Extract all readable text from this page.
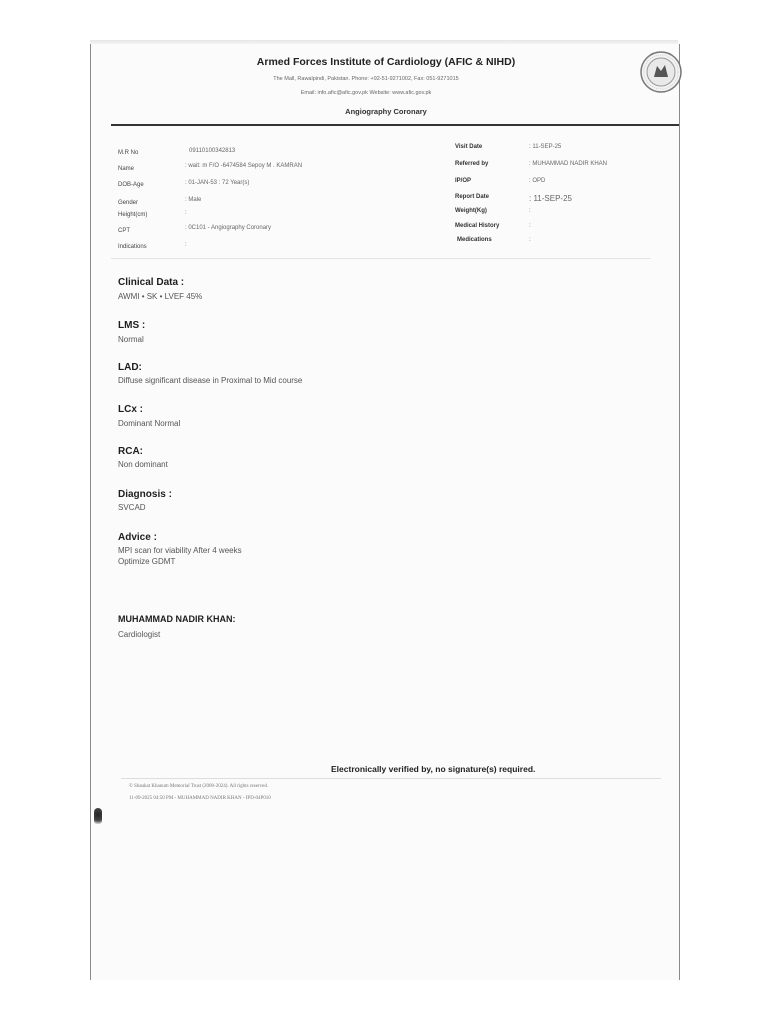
Armed Forces Institute of Cardiology (AFIC & NIHD)
The Mall, Rawalpindi, Pakistan. Phone: +92-51-9271002, Fax: 051-9271015
Email: info.afic@afic.gov.pk Website: www.afic.gov.pk
Angiography Coronary
M.R No	09110100342813
Name	: wait: m F/O -6474584 Sepoy M . KAMRAN
DOB-Age	: 01-JAN-53 : 72 Year(s)
Gender	: Male
Height(cm)	:
CPT	: 0C101 - Angiography Coronary
Indications	:
Visit Date	: 11-SEP-25
Referred by	: MUHAMMAD NADIR KHAN
IP/OP	: OPD
Report Date	: 11-SEP-25
Weight(Kg)	:
Medical History	:
Medications	:
Clinical Data :
AWMI • SK • LVEF 45%
LMS :
Normal
LAD:
Diffuse significant disease in Proximal to Mid course
LCx :
Dominant Normal
RCA:
Non dominant
Diagnosis :
SVCAD
Advice :
MPI scan for viability After 4 weeks
Optimize GDMT
MUHAMMAD NADIR KHAN:
Cardiologist
Electronically verified by, no signature(s) required.
© Shaukat Khanum Memorial Trust (2000-2024). All rights reserved.
11-09-2025 04:50 PM - MUHAMMAD NADIR KHAN - IPD-04P010
